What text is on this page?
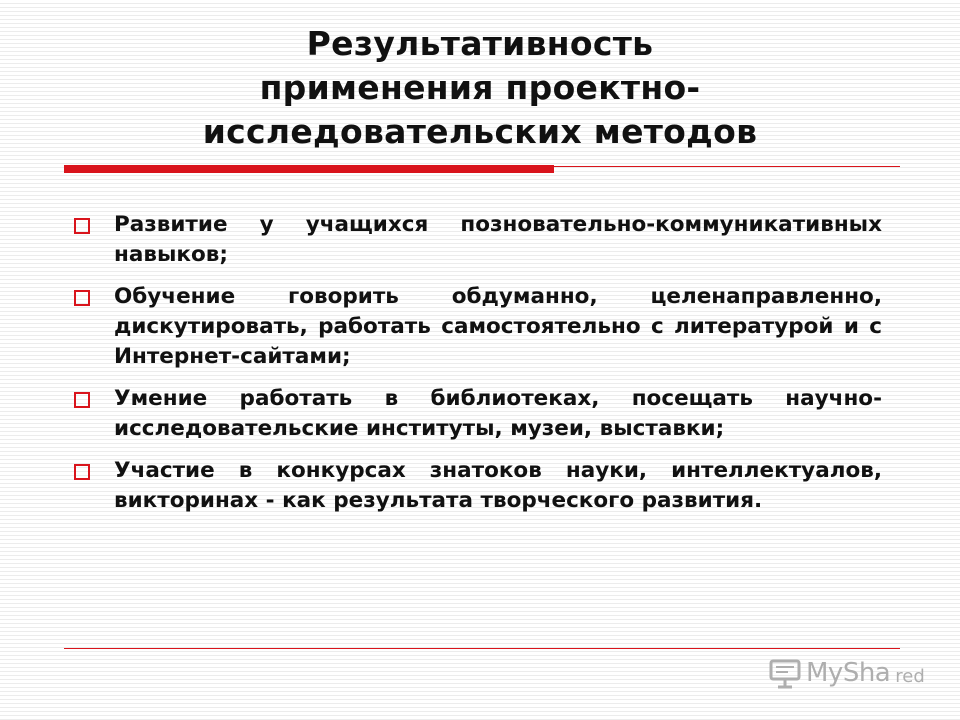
Результативность
применения проектно-
исследовательских методов
Развитие у учащихся позновательно-коммуникативных навыков;
Обучение говорить обдуманно, целенаправленно, дискутировать, работать самостоятельно с литературой и с Интернет-сайтами;
Умение работать в библиотеках, посещать научно-исследовательские институты, музеи, выставки;
Участие в конкурсах знатоков науки, интеллектуалов, викторинах - как результата творческого развития.
MySha red
